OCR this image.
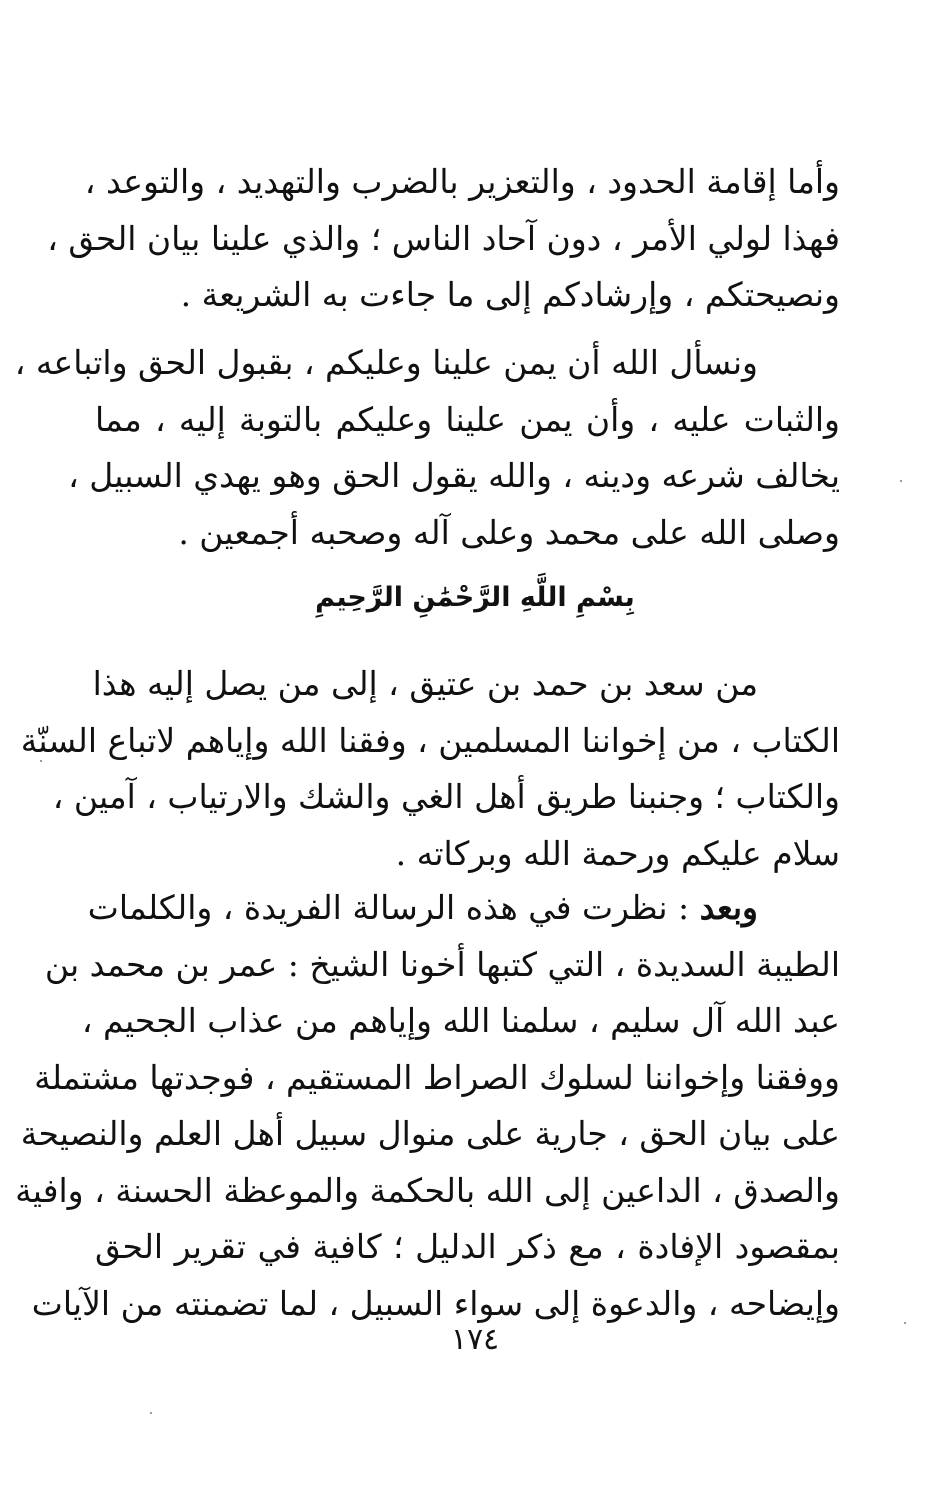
وأما إقامة الحدود ، والتعزير بالضرب والتهديد ، والتوعد ،
فهذا لولي الأمر ، دون آحاد الناس ؛ والذي علينا بيان الحق ،
ونصيحتكم ، وإرشادكم إلى ما جاءت به الشريعة .
ونسأل الله أن يمن علينا وعليكم ، بقبول الحق واتباعه ،
والثبات عليه ، وأن يمن علينا وعليكم بالتوبة إليه ، مما
يخالف شرعه ودينه ، والله يقول الحق وهو يهدي السبيل ،
وصلى الله على محمد وعلى آله وصحبه أجمعين .
بِسْمِ اللَّهِ الرَّحْمَٰنِ الرَّحِيمِ
من سعد بن حمد بن عتيق ، إلى من يصل إليه هذا
الكتاب ، من إخواننا المسلمين ، وفقنا الله وإياهم لاتباع السنّة
والكتاب ؛ وجنبنا طريق أهل الغي والشك والارتياب ، آمين ،
سلام عليكم ورحمة الله وبركاته .
وبعد : نظرت في هذه الرسالة الفريدة ، والكلمات
الطيبة السديدة ، التي كتبها أخونا الشيخ : عمر بن محمد بن
عبد الله آل سليم ، سلمنا الله وإياهم من عذاب الجحيم ،
ووفقنا وإخواننا لسلوك الصراط المستقيم ، فوجدتها مشتملة
على بيان الحق ، جارية على منوال سبيل أهل العلم والنصيحة
والصدق ، الداعين إلى الله بالحكمة والموعظة الحسنة ، وافية
بمقصود الإفادة ، مع ذكر الدليل ؛ كافية في تقرير الحق
وإيضاحه ، والدعوة إلى سواء السبيل ، لما تضمنته من الآيات
١٧٤
